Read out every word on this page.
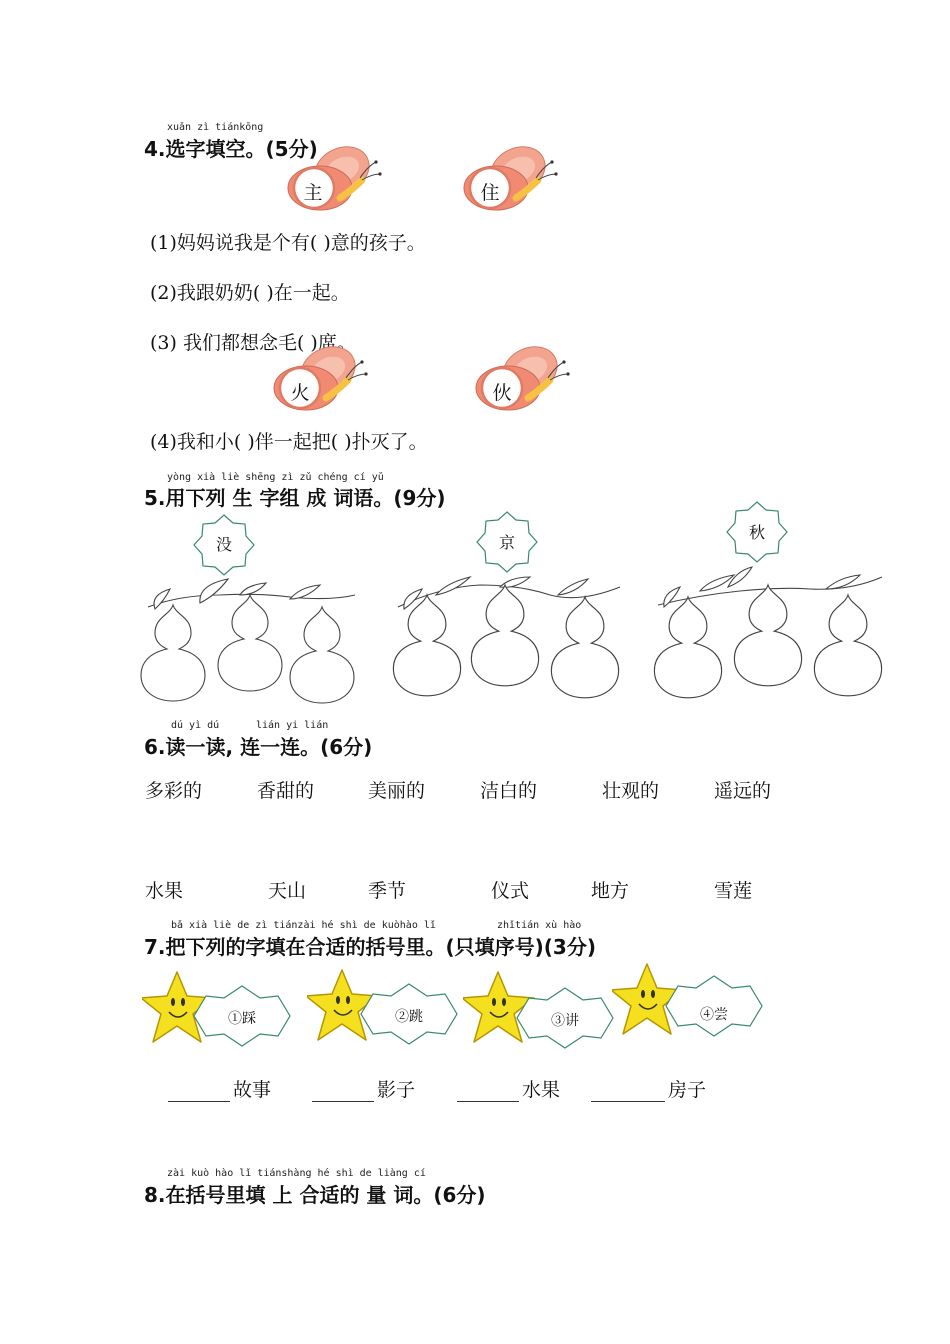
xuǎn zì tiánkōng
4.选字填空。(5分)
主	住
(1)妈妈说我是个有( )意的孩子。
(2)我跟奶奶( )在一起。
(3) 我们都想念毛( )席。
火	伙
(4)我和小( )伴一起把( )扑灭了。
yòng xià liè shēng zì zǔ chéng cí yǔ
5.用下列 生 字组 成 词语。(9分)
没	京
秋
dú yì dú	lián yi lián
6.读一读, 连一连。(6分)
多彩的	香甜的	美丽的	洁白的	壮观的	遥远的
水果	天山	季节	仪式	地方	雪莲
bǎ xià liè de zì tiánzài hé shì de kuòhào lǐ	zhǐtián xù hào
7.把下列的字填在合适的括号里。(只填序号)(3分)
①踩	②跳	③讲	④尝
故事	影子	水果	房子
zài kuò hào lǐ tiánshàng hé shì de liàng cí
8.在括号里填 上 合适的 量 词。(6分)
